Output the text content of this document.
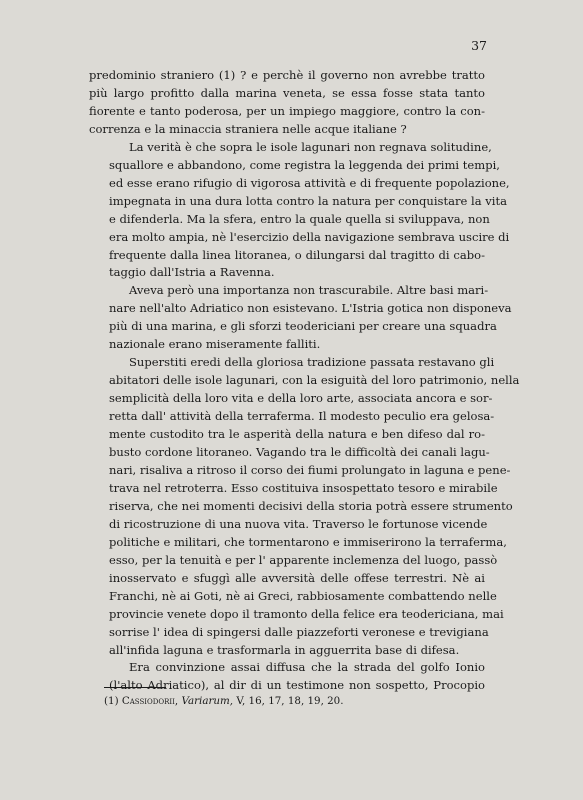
37

predominio straniero (1) ? e perchè il governo non avrebbe tratto
più largo profitto dalla marina veneta, se essa fosse stata tanto
fiorente e tanto poderosa, per un impiego maggiore, contro la con-
correnza e la minaccia straniera nelle acque italiane ?

La verità è che sopra le isole lagunari non regnava solitudine,
squallore e abbandono, come registra la leggenda dei primi tempi,
ed esse erano rifugio di vigorosa attività e di frequente popolazione,
impegnata in una dura lotta contro la natura per conquistare la vita
e difenderla. Ma la sfera, entro la quale quella si sviluppava, non
era molto ampia, nè l'esercizio della navigazione sembrava uscire di
frequente dalla linea litoranea, o dilungarsi dal tragitto di cabo-
taggio dall'Istria a Ravenna.

Aveva però una importanza non trascurabile. Altre basi mari-
nare nell'alto Adriatico non esistevano. L'Istria gotica non disponeva
più di una marina, e gli sforzi teodericiani per creare una squadra
nazionale erano miseramente falliti.

Superstiti eredi della gloriosa tradizione passata restavano gli
abitatori delle isole lagunari, con la esiguità del loro patrimonio, nella
semplicità della loro vita e della loro arte, associata ancora e sor-
retta dall' attività della terraferma. Il modesto peculio era gelosa-
mente custodito tra le asperità della natura e ben difeso dal ro-
busto cordone litoraneo. Vagando tra le difficoltà dei canali lagu-
nari, risaliva a ritroso il corso dei fiumi prolungato in laguna e pene-
trava nel retroterra. Esso costituiva insospettato tesoro e mirabile
riserva, che nei momenti decisivi della storia potrà essere strumento
di ricostruzione di una nuova vita. Traverso le fortunose vicende
politiche e militari, che tormentarono e immiserirono la terraferma,
esso, per la tenuità e per l' apparente inclemenza del luogo, passò
inosservato e sfuggì alle avversità delle offese terrestri. Nè ai
Franchi, nè ai Goti, nè ai Greci, rabbiosamente combattendo nelle
provincie venete dopo il tramonto della felice era teodericiana, mai
sorrise l' idea di spingersi dalle piazzeforti veronese e trevigiana
all'infida laguna e trasformarla in agguerrita base di difesa.

Era convinzione assai diffusa che la strada del golfo Ionio
(l'alto Adriatico), al dir di un testimone non sospetto, Procopio

(1) Cassiodorii, Variarum, V, 16, 17, 18, 19, 20.
